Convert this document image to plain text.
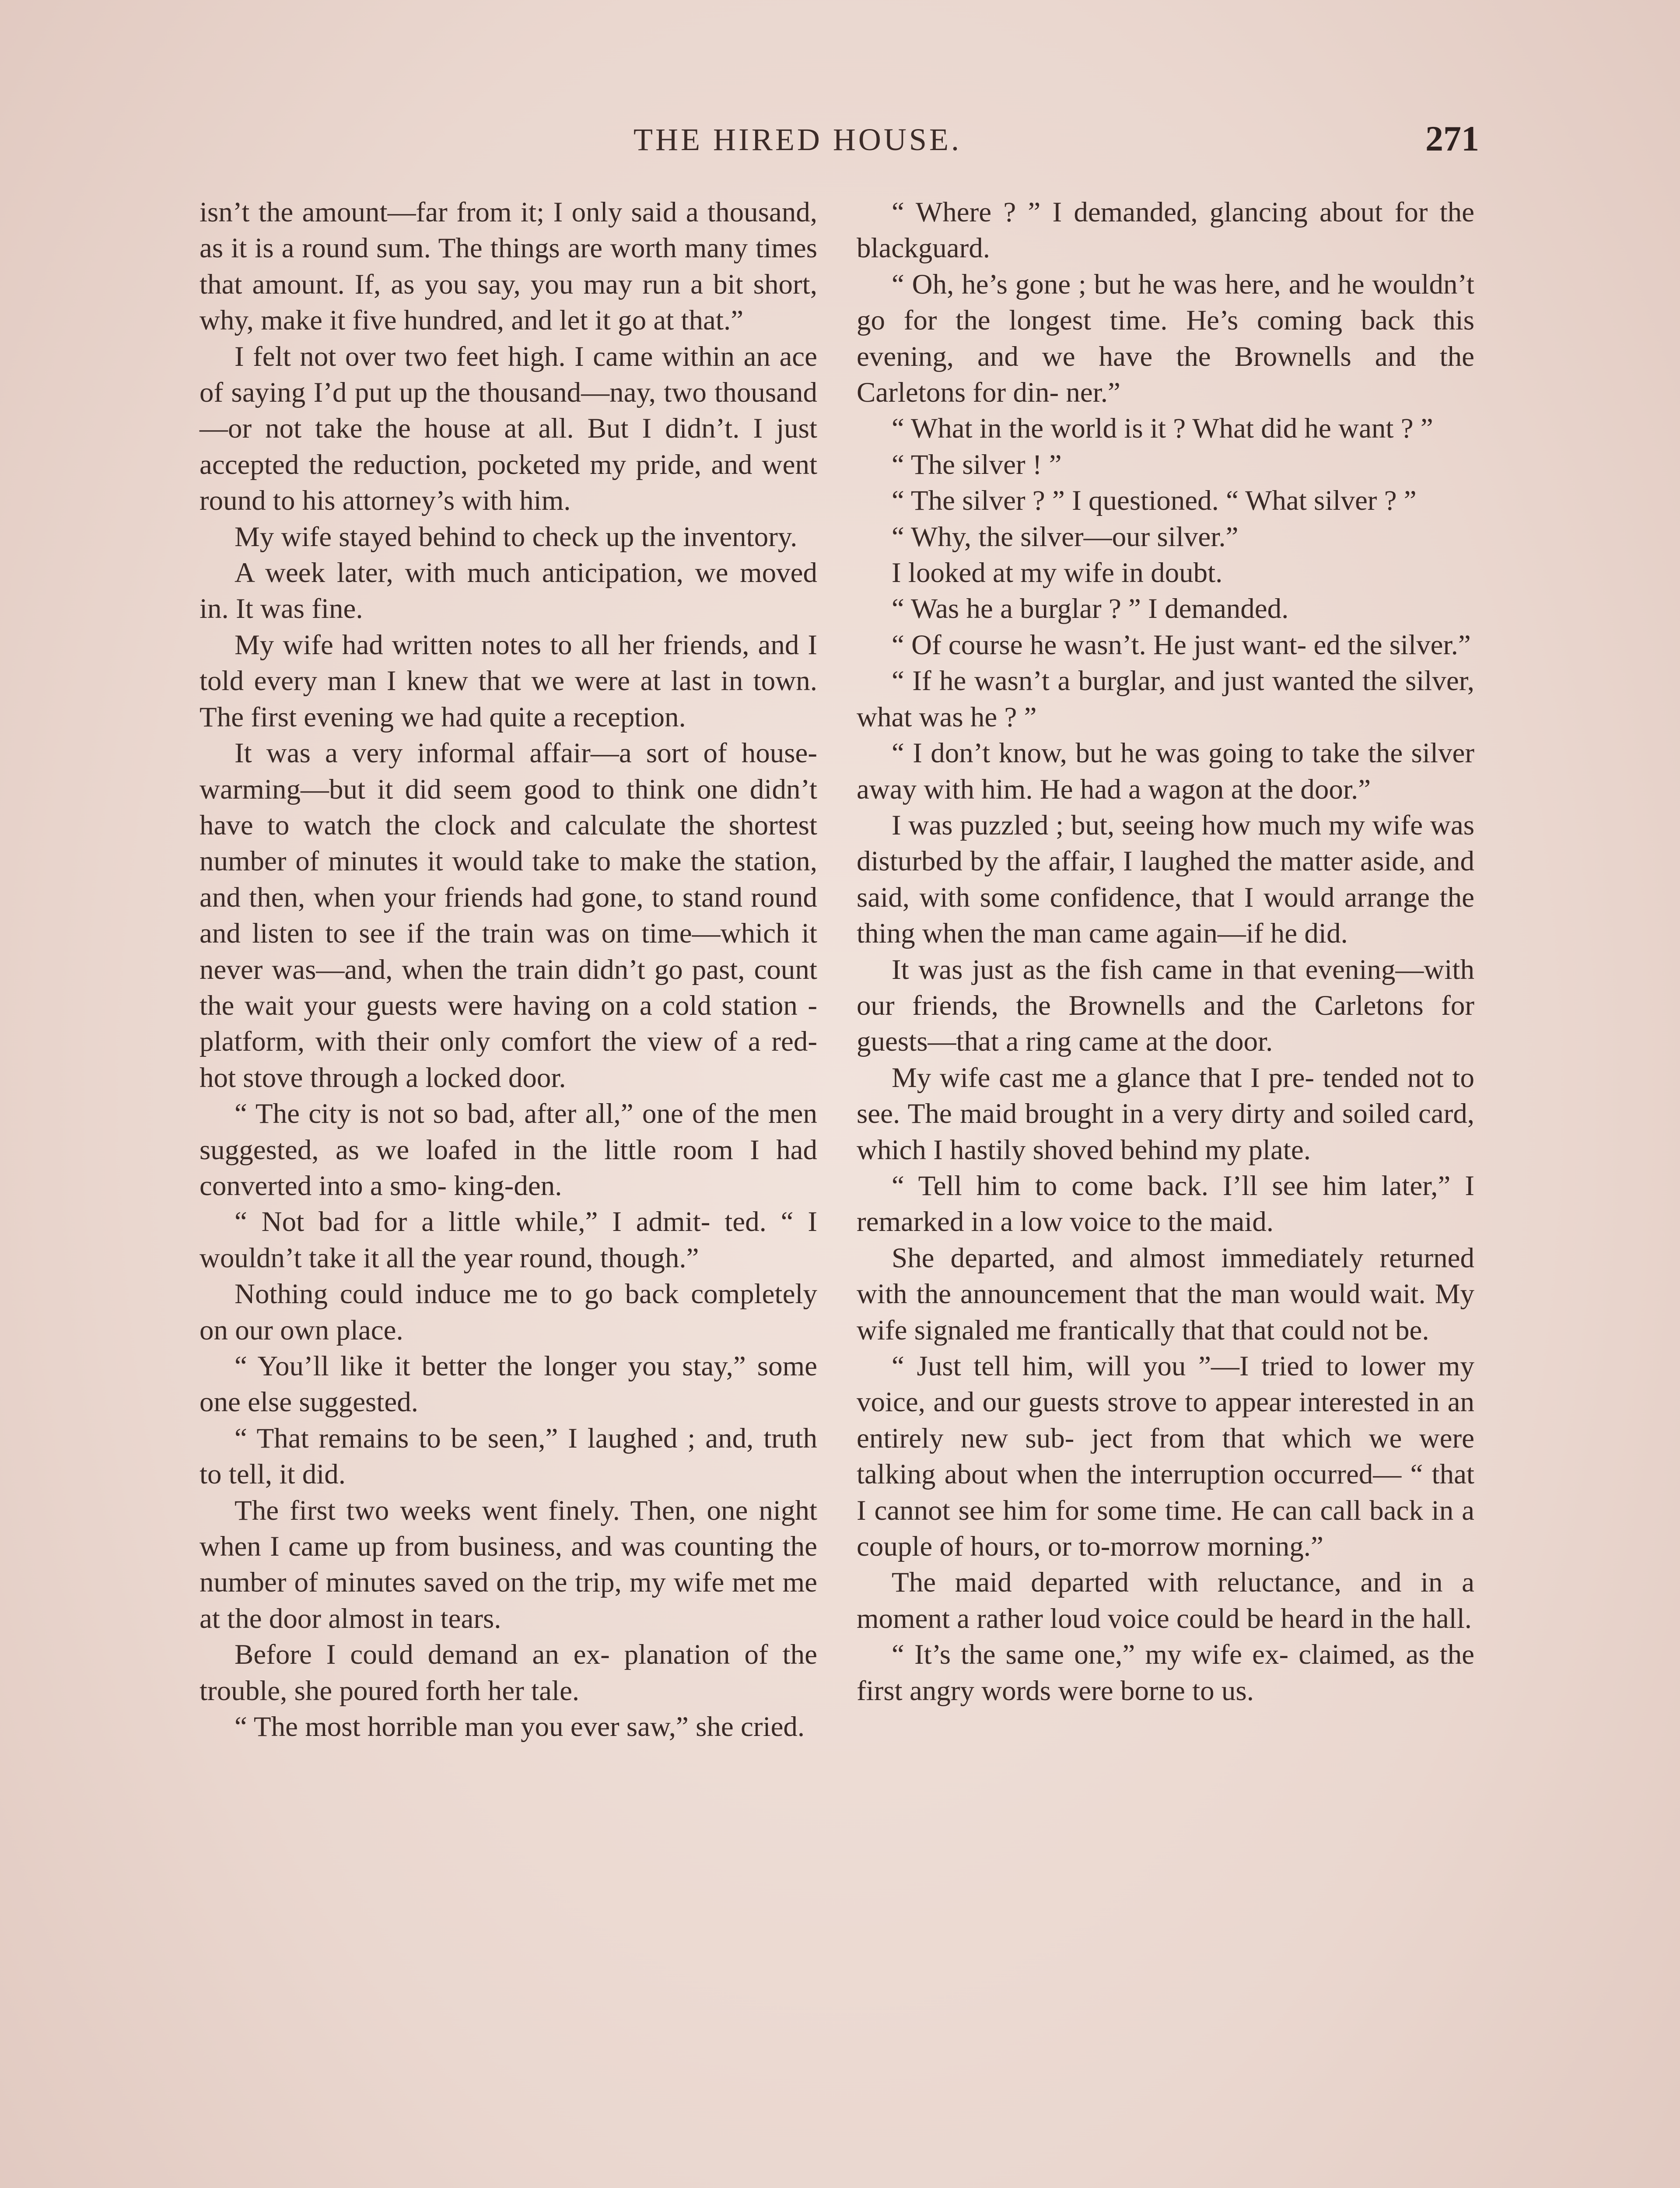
THE HIRED HOUSE.	271

isn’t the amount—far from it; I only said a thousand, as it is a round sum. The things are worth many times that amount. If, as you say, you may run a bit short, why, make it five hundred, and let it go at that.”

I felt not over two feet high. I came within an ace of saying I’d put up the thousand—nay, two thousand—or not take the house at all. But I didn’t. I just accepted the reduction, pocketed my pride, and went round to his attorney’s with him.

My wife stayed behind to check up the inventory.

A week later, with much anticipation, we moved in. It was fine.

My wife had written notes to all her friends, and I told every man I knew that we were at last in town. The first evening we had quite a reception.

It was a very informal affair—a sort of house-warming—but it did seem good to think one didn’t have to watch the clock and calculate the shortest number of minutes it would take to make the station, and then, when your friends had gone, to stand round and listen to see if the train was on time—which it never was—and, when the train didn’t go past, count the wait your guests were having on a cold station - platform, with their only comfort the view of a red-hot stove through a locked door.

“ The city is not so bad, after all,” one of the men suggested, as we loafed in the little room I had converted into a smo- king-den.

“ Not bad for a little while,” I admit- ted. “ I wouldn’t take it all the year round, though.”

Nothing could induce me to go back completely on our own place.

“ You’ll like it better the longer you stay,” some one else suggested.

“ That remains to be seen,” I laughed ; and, truth to tell, it did.

The first two weeks went finely. Then, one night when I came up from business, and was counting the number of minutes saved on the trip, my wife met me at the door almost in tears.

Before I could demand an ex- planation of the trouble, she poured forth her tale.

“ The most horrible man you ever saw,” she cried.

“ Where ? ” I demanded, glancing about for the blackguard.

“ Oh, he’s gone ; but he was here, and he wouldn’t go for the longest time. He’s coming back this evening, and we have the Brownells and the Carletons for din- ner.”

“ What in the world is it ? What did he want ? ”

“ The silver ! ”

“ The silver ? ” I questioned. “ What silver ? ”

“ Why, the silver—our silver.”

I looked at my wife in doubt.

“ Was he a burglar ? ” I demanded.

“ Of course he wasn’t. He just want- ed the silver.”

“ If he wasn’t a burglar, and just wanted the silver, what was he ? ”

“ I don’t know, but he was going to take the silver away with him. He had a wagon at the door.”

I was puzzled ; but, seeing how much my wife was disturbed by the affair, I laughed the matter aside, and said, with some confidence, that I would arrange the thing when the man came again—if he did.

It was just as the fish came in that evening—with our friends, the Brownells and the Carletons for guests—that a ring came at the door.

My wife cast me a glance that I pre- tended not to see. The maid brought in a very dirty and soiled card, which I hastily shoved behind my plate.

“ Tell him to come back. I’ll see him later,” I remarked in a low voice to the maid.

She departed, and almost immediately returned with the announcement that the man would wait. My wife signaled me frantically that that could not be.

“ Just tell him, will you ”—I tried to lower my voice, and our guests strove to appear interested in an entirely new sub- ject from that which we were talking about when the interruption occurred— “ that I cannot see him for some time. He can call back in a couple of hours, or to-morrow morning.”

The maid departed with reluctance, and in a moment a rather loud voice could be heard in the hall.

“ It’s the same one,” my wife ex- claimed, as the first angry words were borne to us.
